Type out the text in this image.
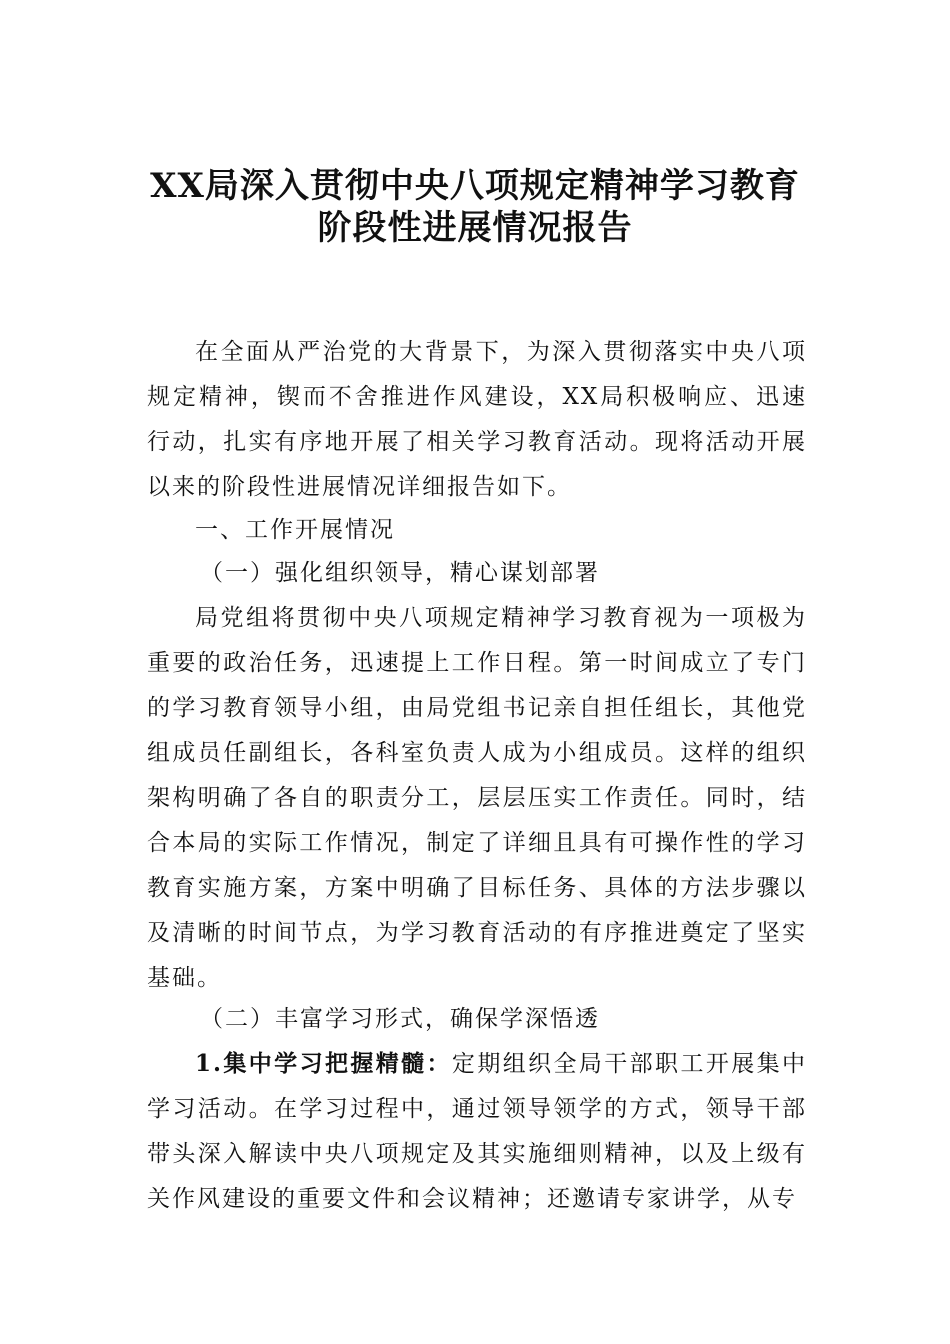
XX局深入贯彻中央八项规定精神学习教育
阶段性进展情况报告
在全面从严治党的大背景下，为深入贯彻落实中央八项规定精神，锲而不舍推进作风建设，XX局积极响应、迅速行动，扎实有序地开展了相关学习教育活动。现将活动开展以来的阶段性进展情况详细报告如下。
一、工作开展情况
（一）强化组织领导，精心谋划部署
局党组将贯彻中央八项规定精神学习教育视为一项极为重要的政治任务，迅速提上工作日程。第一时间成立了专门的学习教育领导小组，由局党组书记亲自担任组长，其他党组成员任副组长，各科室负责人成为小组成员。这样的组织架构明确了各自的职责分工，层层压实工作责任。同时，结合本局的实际工作情况，制定了详细且具有可操作性的学习教育实施方案，方案中明确了目标任务、具体的方法步骤以及清晰的时间节点，为学习教育活动的有序推进奠定了坚实基础。
（二）丰富学习形式，确保学深悟透
1.集中学习把握精髓：定期组织全局干部职工开展集中学习活动。在学习过程中，通过领导领学的方式，领导干部带头深入解读中央八项规定及其实施细则精神，以及上级有关作风建设的重要文件和会议精神；还邀请专家讲学，从专
